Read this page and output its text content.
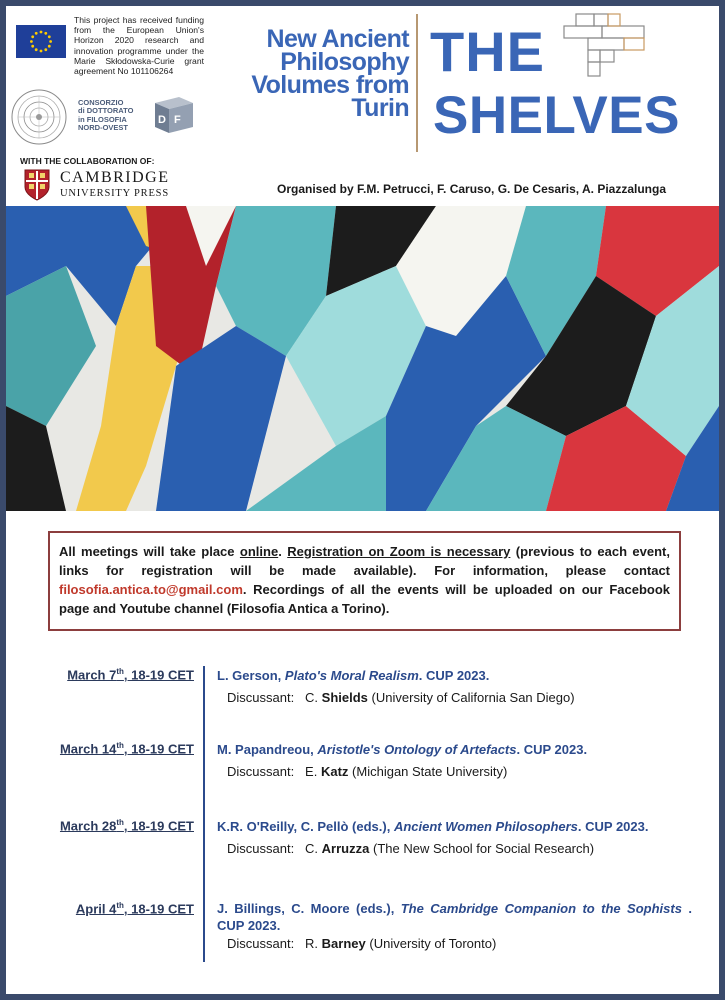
This project has received funding from the European Union's Horizon 2020 research and innovation programme under the Marie Skłodowska-Curie grant agreement No 101106264
CONSORZIO
di DOTTORATO
in FILOSOFIA
NORD-OVEST
D F
WITH THE COLLABORATION OF:
CAMBRIDGE
UNIVERSITY PRESS
New Ancient
Philosophy
Volumes from
Turin
THE
SHELVES
Organised by F.M. Petrucci, F. Caruso, G. De Cesaris, A. Piazzalunga
All meetings will take place online. Registration on Zoom is necessary (previous to each event, links for registration will be made available). For information, please contact filosofia.antica.to@gmail.com. Recordings of all the events will be uploaded on our Facebook page and Youtube channel (Filosofia Antica a Torino).
March 7th, 18-19 CET L. Gerson, Plato's Moral Realism. CUP 2023.
Discussant: C. Shields (University of California San Diego)
March 14th, 18-19 CET M. Papandreou, Aristotle's Ontology of Artefacts. CUP 2023.
Discussant: E. Katz (Michigan State University)
March 28th, 18-19 CET K.R. O'Reilly, C. Pellò (eds.), Ancient Women Philosophers. CUP 2023.
Discussant: C. Arruzza (The New School for Social Research)
April 4th, 18-19 CET J. Billings, C. Moore (eds.), The Cambridge Companion to the Sophists . CUP 2023.
Discussant: R. Barney (University of Toronto)
